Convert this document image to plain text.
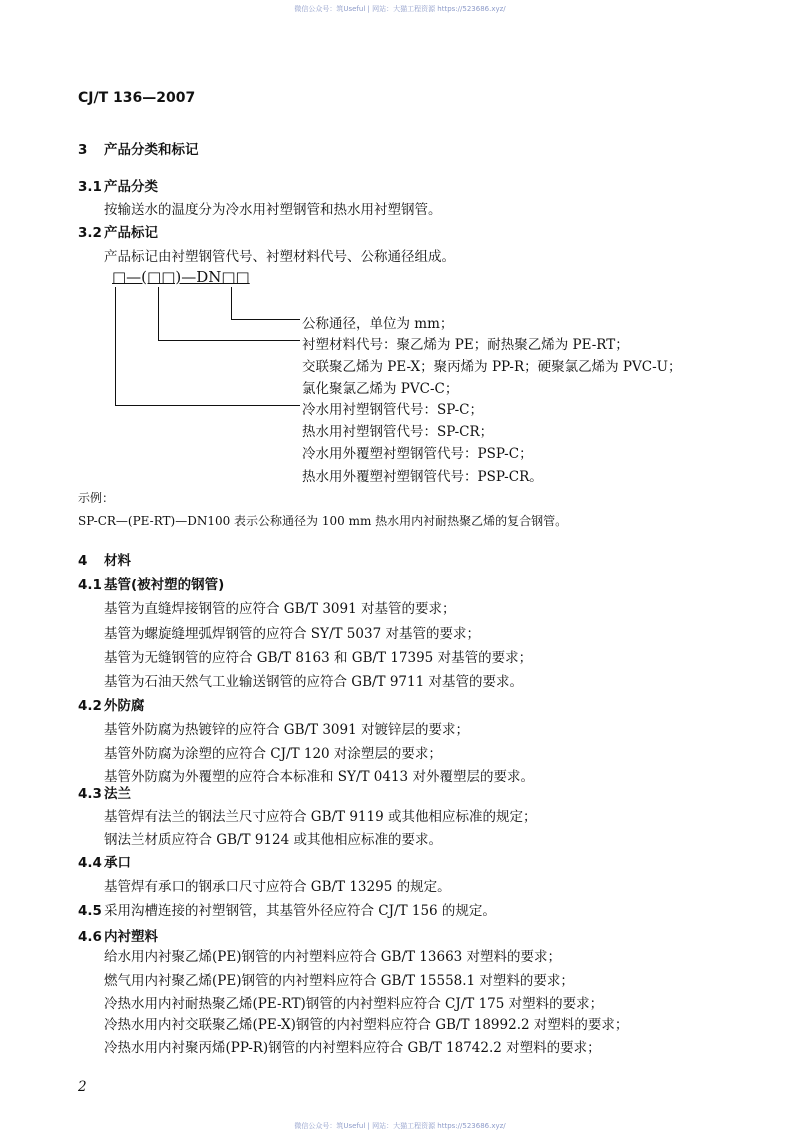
微信公众号：筑Useful | 网站：大猫工程资源 https://523686.xyz/
CJ/T 136—2007
3 产品分类和标记
3.1 产品分类
按输送水的温度分为冷水用衬塑钢管和热水用衬塑钢管。
3.2 产品标记
产品标记由衬塑钢管代号、衬塑材料代号、公称通径组成。
□—(□□)—DN□□
公称通径，单位为 mm；
衬塑材料代号：聚乙烯为 PE；耐热聚乙烯为 PE-RT；
交联聚乙烯为 PE-X；聚丙烯为 PP-R；硬聚氯乙烯为 PVC-U；
氯化聚氯乙烯为 PVC-C；
冷水用衬塑钢管代号：SP-C；
热水用衬塑钢管代号：SP-CR；
冷水用外覆塑衬塑钢管代号：PSP-C；
热水用外覆塑衬塑钢管代号：PSP-CR。
示例：
SP-CR—(PE-RT)—DN100 表示公称通径为 100 mm 热水用内衬耐热聚乙烯的复合钢管。
4 材料
4.1 基管(被衬塑的钢管)
基管为直缝焊接钢管的应符合 GB/T 3091 对基管的要求；
基管为螺旋缝埋弧焊钢管的应符合 SY/T 5037 对基管的要求；
基管为无缝钢管的应符合 GB/T 8163 和 GB/T 17395 对基管的要求；
基管为石油天然气工业输送钢管的应符合 GB/T 9711 对基管的要求。
4.2 外防腐
基管外防腐为热镀锌的应符合 GB/T 3091 对镀锌层的要求；
基管外防腐为涂塑的应符合 CJ/T 120 对涂塑层的要求；
基管外防腐为外覆塑的应符合本标准和 SY/T 0413 对外覆塑层的要求。
4.3 法兰
基管焊有法兰的钢法兰尺寸应符合 GB/T 9119 或其他相应标准的规定；
钢法兰材质应符合 GB/T 9124 或其他相应标准的要求。
4.4 承口
基管焊有承口的钢承口尺寸应符合 GB/T 13295 的规定。
4.5 采用沟槽连接的衬塑钢管，其基管外径应符合 CJ/T 156 的规定。
4.6 内衬塑料
给水用内衬聚乙烯(PE)钢管的内衬塑料应符合 GB/T 13663 对塑料的要求；
燃气用内衬聚乙烯(PE)钢管的内衬塑料应符合 GB/T 15558.1 对塑料的要求；
冷热水用内衬耐热聚乙烯(PE-RT)钢管的内衬塑料应符合 CJ/T 175 对塑料的要求；
冷热水用内衬交联聚乙烯(PE-X)钢管的内衬塑料应符合 GB/T 18992.2 对塑料的要求；
冷热水用内衬聚丙烯(PP-R)钢管的内衬塑料应符合 GB/T 18742.2 对塑料的要求；
2
微信公众号：筑Useful | 网站：大猫工程资源 https://523686.xyz/
